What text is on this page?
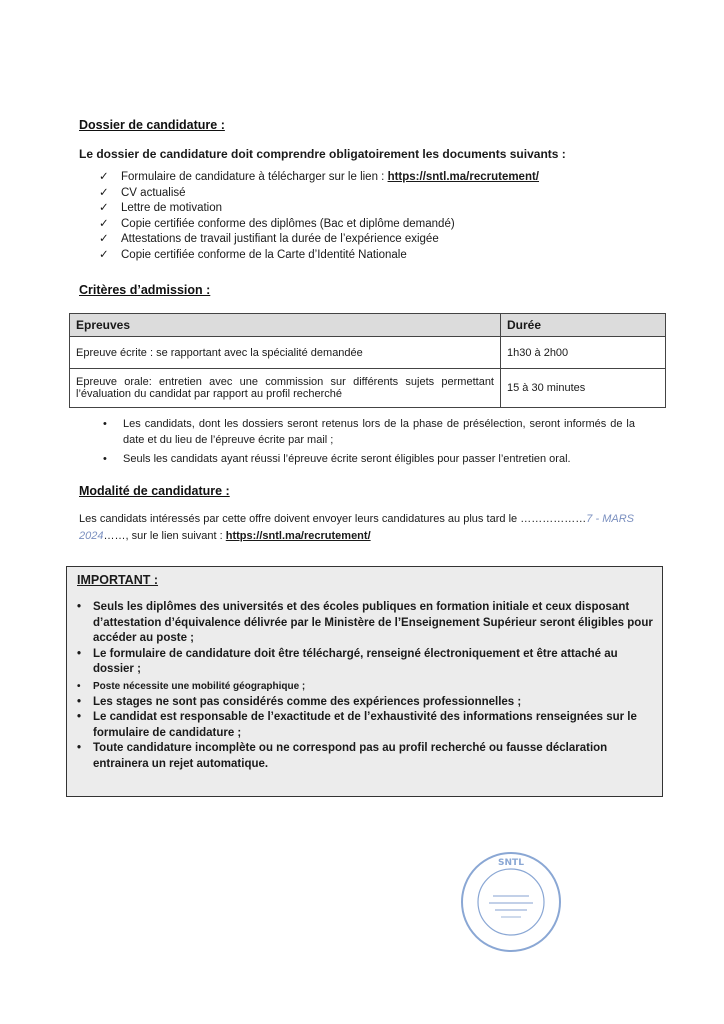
Dossier de candidature :
Le dossier de candidature doit comprendre obligatoirement les documents suivants :
✓ Formulaire de candidature à télécharger sur le lien : https://sntl.ma/recrutement/
✓ CV actualisé
✓ Lettre de motivation
✓ Copie certifiée conforme des diplômes (Bac et diplôme demandé)
✓ Attestations de travail justifiant la durée de l’expérience exigée
✓ Copie certifiée conforme de la Carte d’Identité Nationale
Critères d’admission :
Epreuves	Durée
Epreuve écrite : se rapportant avec la spécialité demandée	1h30 à 2h00
Epreuve orale: entretien avec une commission sur différents sujets permettant l’évaluation du candidat par rapport au profil recherché	15 à 30 minutes
• Les candidats, dont les dossiers seront retenus lors de la phase de présélection, seront informés de la date et du lieu de l’épreuve écrite par mail ;
• Seuls les candidats ayant réussi l’épreuve écrite seront éligibles pour passer l’entretien oral.
Modalité de candidature :
Les candidats intéressés par cette offre doivent envoyer leurs candidatures au plus tard le ………………7 - MARS 2024……, sur le lien suivant : https://sntl.ma/recrutement/
IMPORTANT :
• Seuls les diplômes des universités et des écoles publiques en formation initiale et ceux disposant d’attestation d’équivalence délivrée par le Ministère de l’Enseignement Supérieur seront éligibles pour accéder au poste ;
• Le formulaire de candidature doit être téléchargé, renseigné électroniquement et être attaché au dossier ;
• Poste nécessite une mobilité géographique ;
• Les stages ne sont pas considérés comme des expériences professionnelles ;
• Le candidat est responsable de l’exactitude et de l’exhaustivité des informations renseignées sur le formulaire de candidature ;
• Toute candidature incomplète ou ne correspond pas au profil recherché ou fausse déclaration entrainera un rejet automatique.
SNTL
